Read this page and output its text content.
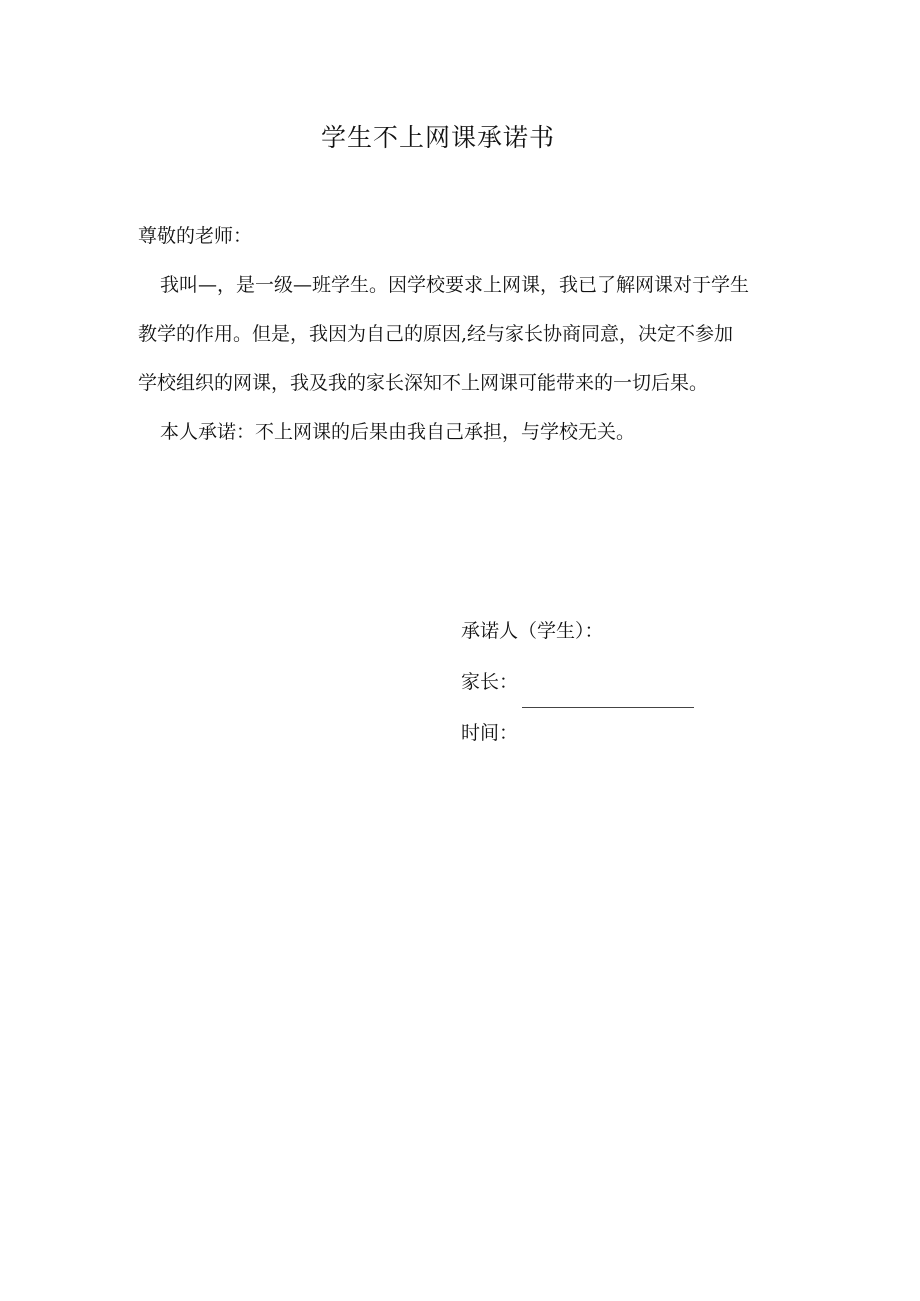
学生不上网课承诺书

尊敬的老师：

我叫—，是一级—班学生。因学校要求上网课，我已了解网课对于学生教学的作用。但是，我因为自己的原因,经与家长协商同意，决定不参加学校组织的网课，我及我的家长深知不上网课可能带来的一切后果。

本人承诺：不上网课的后果由我自己承担，与学校无关。

承诺人（学生）：
家长：
时间：
